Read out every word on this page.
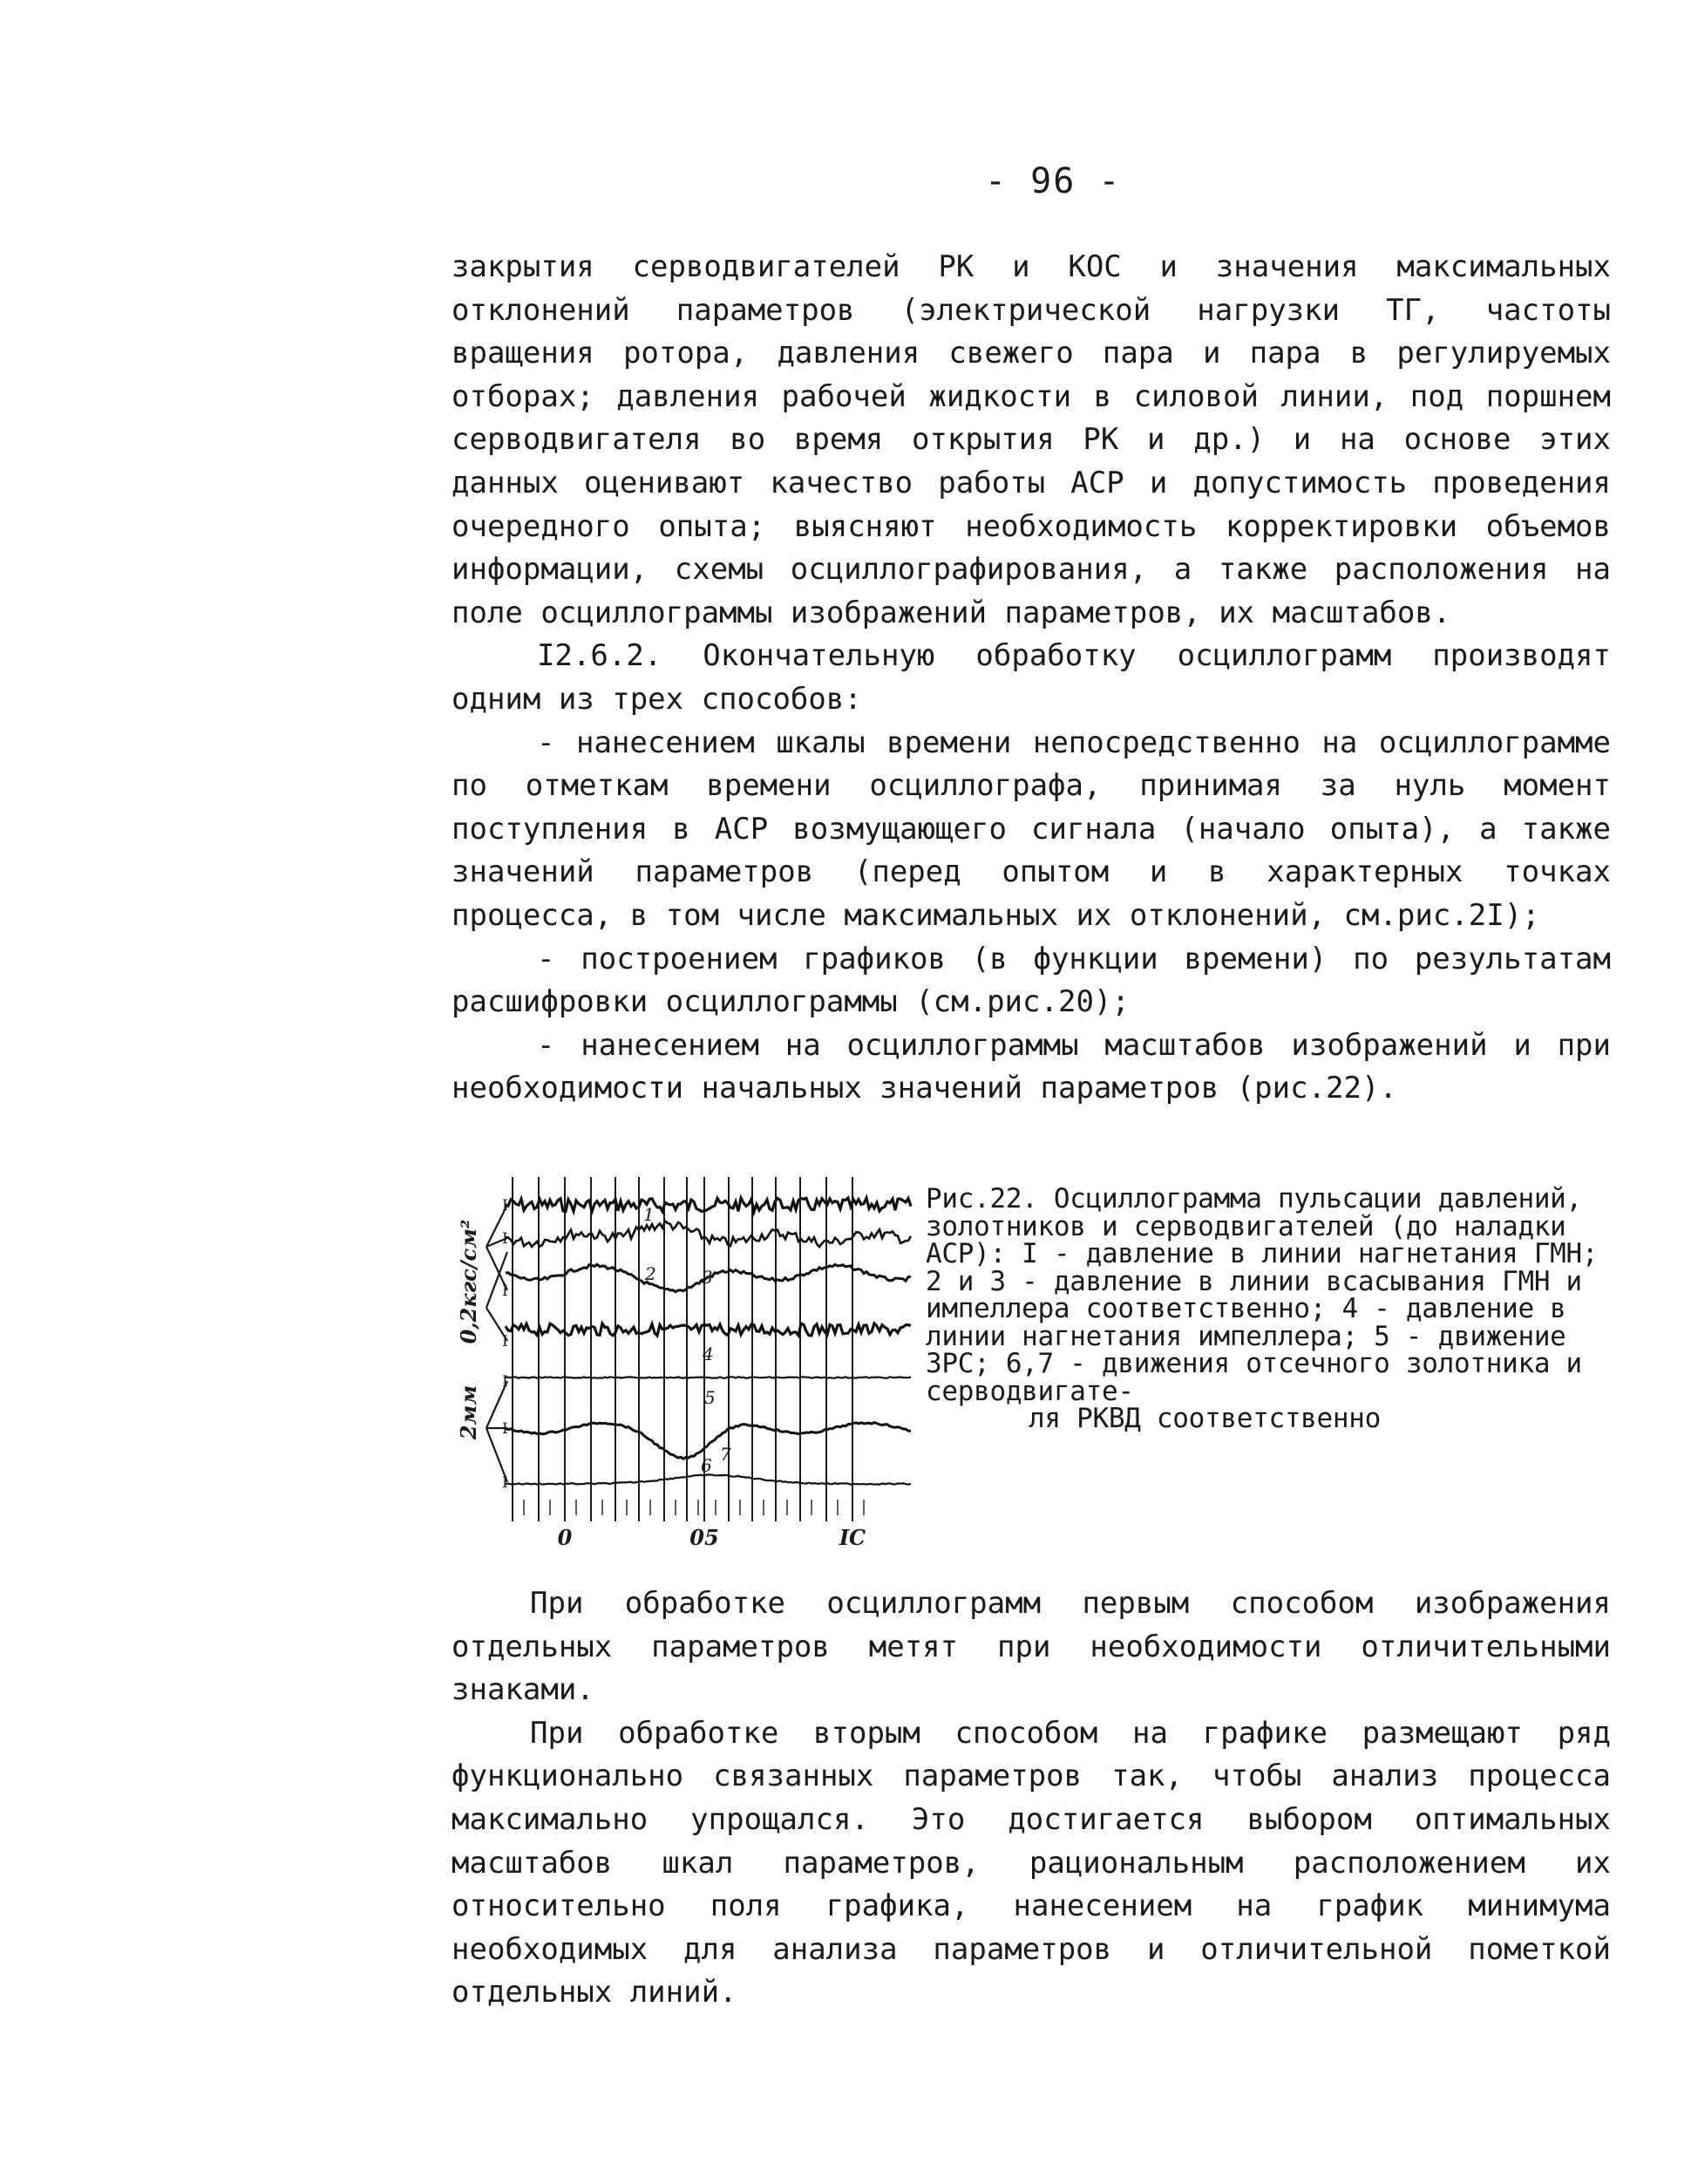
- 96 -

закрытия серводвигателей РК и КОС и значения максимальных отклонений параметров (электрической нагрузки ТГ, частоты вращения ротора, давления свежего пара и пара в регулируемых отборах; давления рабочей жидкости в силовой линии, под поршнем серводвигателя во время открытия РК и др.) и на основе этих данных оценивают качество работы АСР и допустимость проведения очередного опыта; выясняют необходимость корректировки объемов информации, схемы осциллографирования, а также расположения на поле осциллограммы изображений параметров, их масштабов.

I2.6.2. Окончательную обработку осциллограмм производят одним из трех способов:

- нанесением шкалы времени непосредственно на осциллограмме по отметкам времени осциллографа, принимая за нуль момент поступления в АСР возмущающего сигнала (начало опыта), а также значений параметров (перед опытом и в характерных точках процесса, в том числе максимальных их отклонений, см.рис.2I);

- построением графиков (в функции времени) по результатам расшифровки осциллограммы (см.рис.20);

- нанесением на осциллограммы масштабов изображений и при необходимости начальных значений параметров (рис.22).

0,2кгс/см²
2мм
I
I
I
I
I
I
I
1
2	3
4
5
6
7
0	05	IC
Рис.22. Осциллограмма пульсации давлений, золотников и серводвигателей (до наладки АСР): I - давление в линии нагнетания ГМН; 2 и 3 - давление в линии всасывания ГМН и импеллера соответственно; 4 - давление в линии нагнетания импеллера; 5 - движение ЗРС; 6,7 - движения отсечного золотника и серводвигате-
ля РКВД соответственно

При обработке осциллограмм первым способом изображения отдельных параметров метят при необходимости отличительными знаками.

При обработке вторым способом на графике размещают ряд функционально связанных параметров так, чтобы анализ процесса максимально упрощался. Это достигается выбором оптимальных масштабов шкал параметров, рациональным расположением их относительно поля графика, нанесением на график минимума необходимых для анализа параметров и отличительной пометкой отдельных линий.
